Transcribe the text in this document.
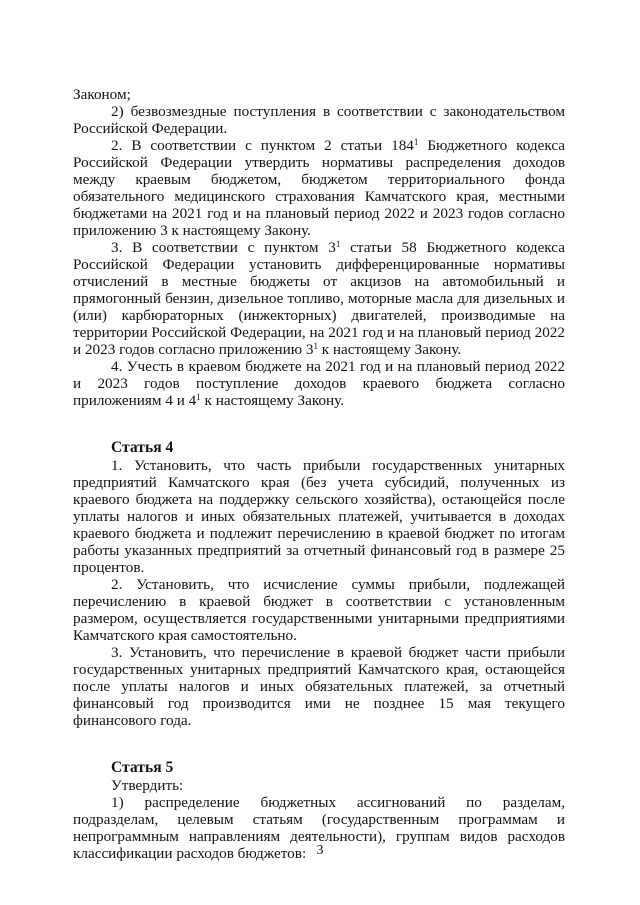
Законом;

2) безвозмездные поступления в соответствии с законодательством Российской Федерации.

2. В соответствии с пунктом 2 статьи $184^1$ Бюджетного кодекса Российской Федерации утвердить нормативы распределения доходов между краевым бюджетом, бюджетом территориального фонда обязательного медицинского страхования Камчатского края, местными бюджетами на 2021 год и на плановый период 2022 и 2023 годов согласно приложению 3 к настоящему Закону.

3. В соответствии с пунктом $3^1$ статьи 58 Бюджетного кодекса Российской Федерации установить дифференцированные нормативы отчислений в местные бюджеты от акцизов на автомобильный и прямогонный бензин, дизельное топливо, моторные масла для дизельных и (или) карбюраторных (инжекторных) двигателей, производимые на территории Российской Федерации, на 2021 год и на плановый период 2022 и 2023 годов согласно приложению $3^1$ к настоящему Закону.

4. Учесть в краевом бюджете на 2021 год и на плановый период 2022 и 2023 годов поступление доходов краевого бюджета согласно приложениям 4 и $4^1$ к настоящему Закону.

Статья 4

1. Установить, что часть прибыли государственных унитарных предприятий Камчатского края (без учета субсидий, полученных из краевого бюджета на поддержку сельского хозяйства), остающейся после уплаты налогов и иных обязательных платежей, учитывается в доходах краевого бюджета и подлежит перечислению в краевой бюджет по итогам работы указанных предприятий за отчетный финансовый год в размере 25 процентов.

2. Установить, что исчисление суммы прибыли, подлежащей перечислению в краевой бюджет в соответствии с установленным размером, осуществляется государственными унитарными предприятиями Камчатского края самостоятельно.

3. Установить, что перечисление в краевой бюджет части прибыли государственных унитарных предприятий Камчатского края, остающейся после уплаты налогов и иных обязательных платежей, за отчетный финансовый год производится ими не позднее 15 мая текущего финансового года.

Статья 5

Утвердить:

1) распределение бюджетных ассигнований по разделам, подразделам, целевым статьям (государственным программам и непрограммным направлениям деятельности), группам видов расходов классификации расходов бюджетов: 3
